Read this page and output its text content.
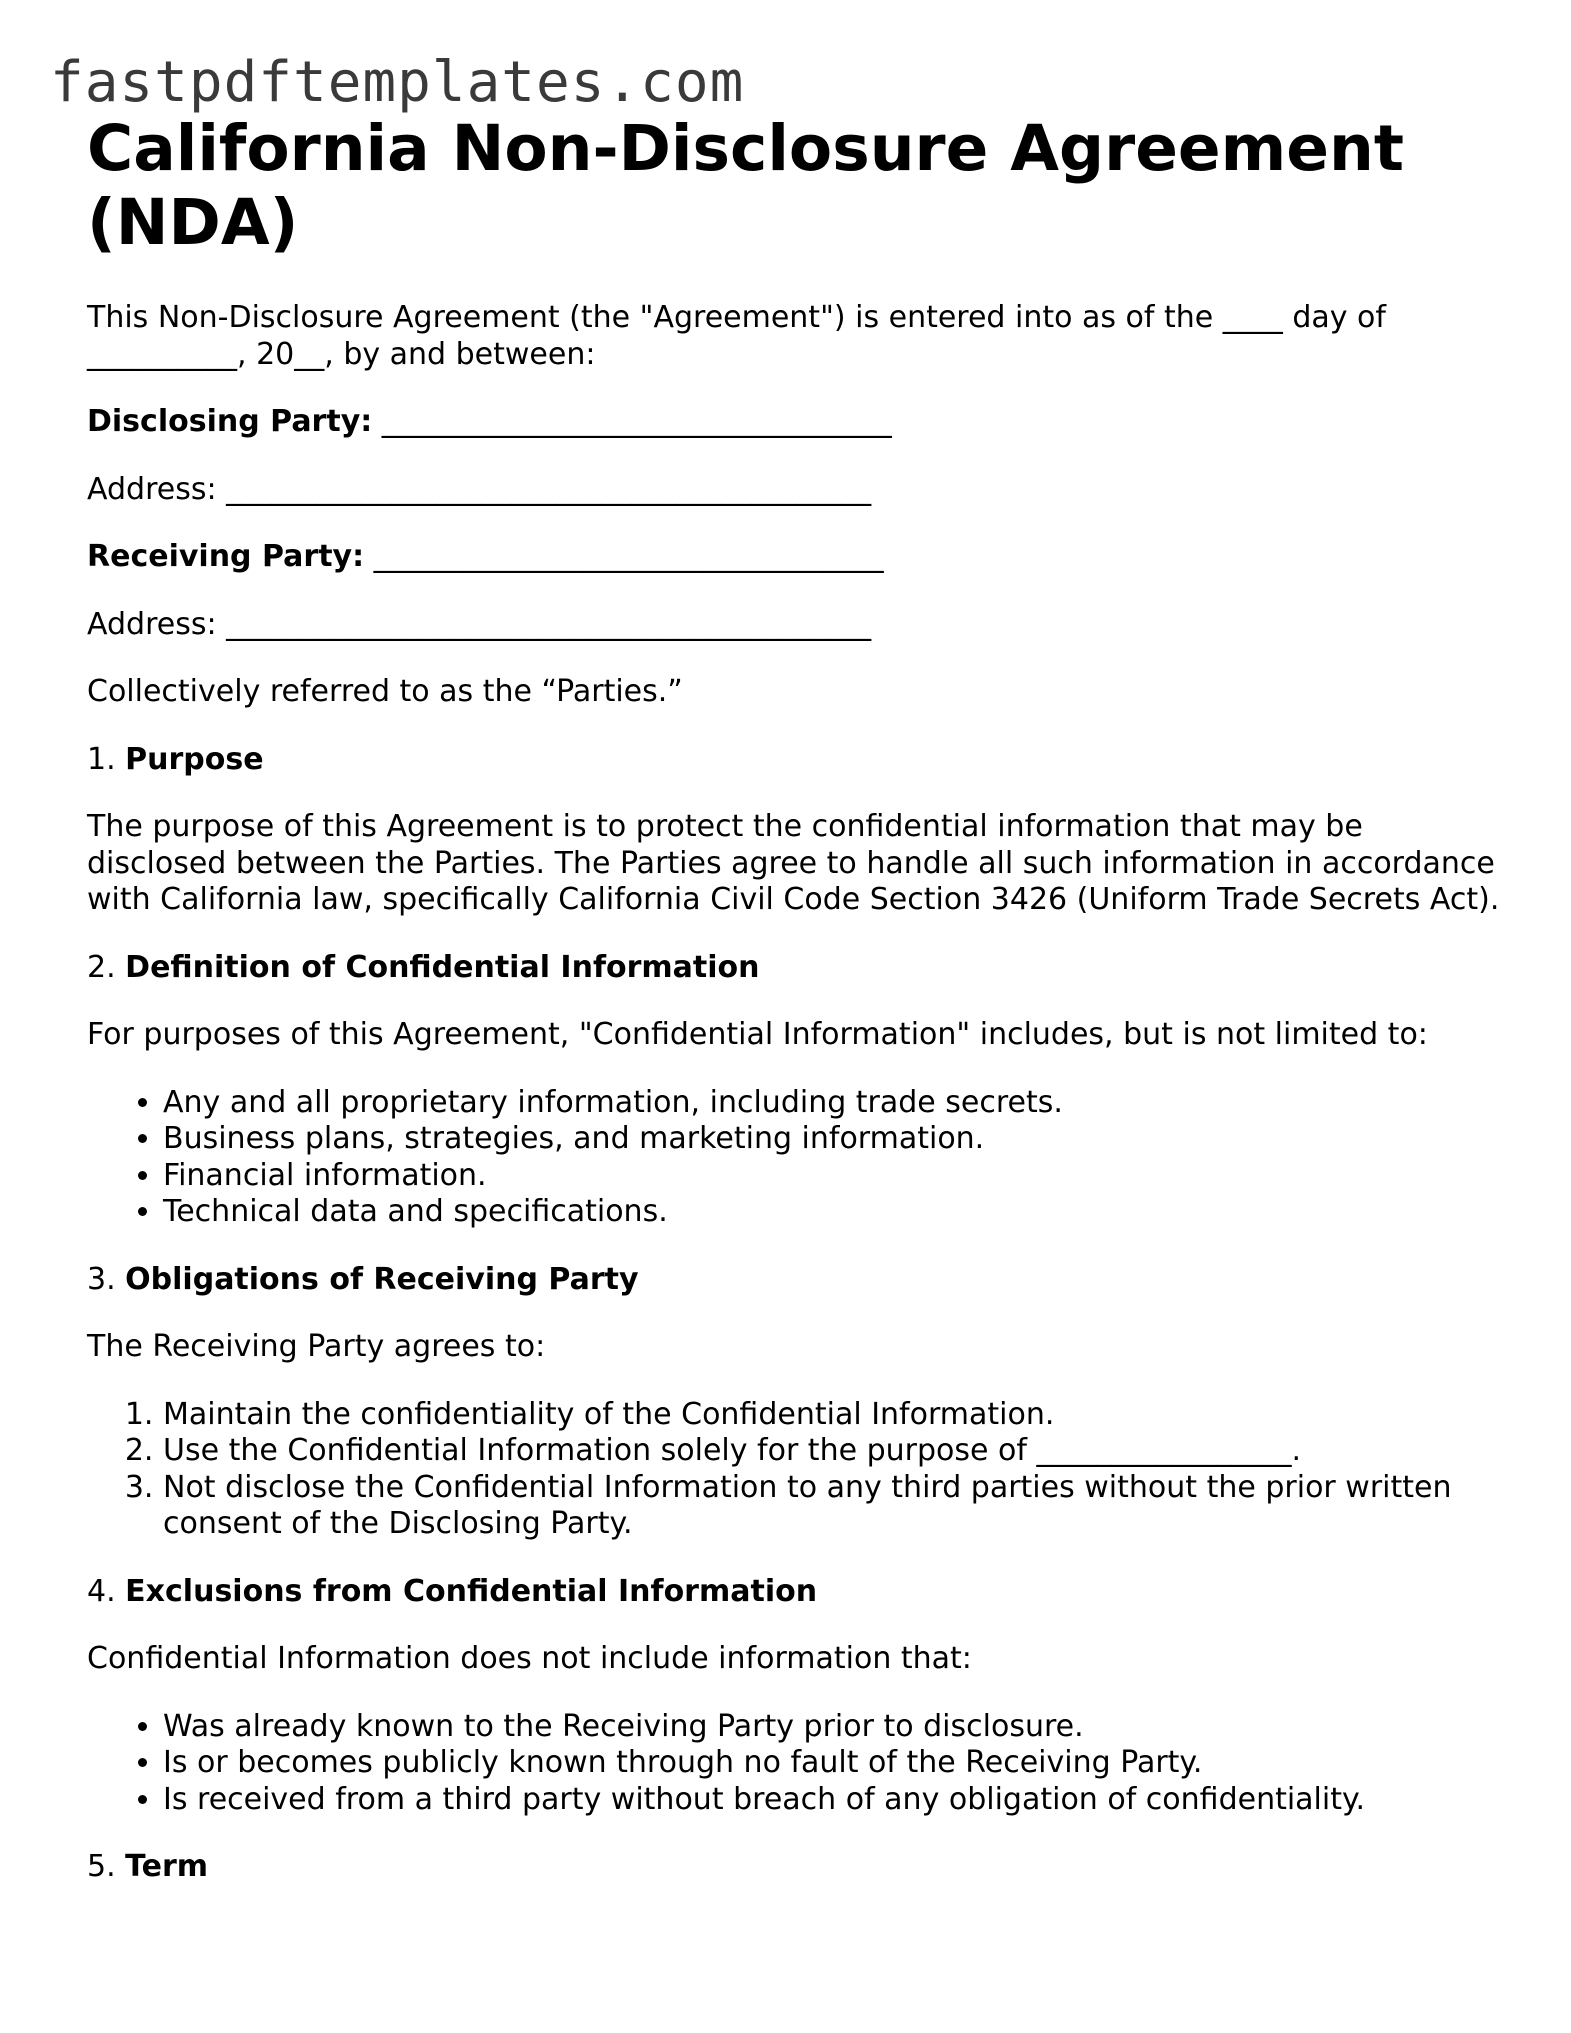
fastpdftemplates.com
California Non-Disclosure Agreement (NDA)

This Non-Disclosure Agreement (the "Agreement") is entered into as of the ____ day of __________, 20__, by and between:

Disclosing Party: __________________________________

Address: ___________________________________________

Receiving Party: __________________________________

Address: ___________________________________________

Collectively referred to as the “Parties.”

1. Purpose

The purpose of this Agreement is to protect the confidential information that may be disclosed between the Parties. The Parties agree to handle all such information in accordance with California law, specifically California Civil Code Section 3426 (Uniform Trade Secrets Act).

2. Definition of Confidential Information

For purposes of this Agreement, "Confidential Information" includes, but is not limited to:

• Any and all proprietary information, including trade secrets.
• Business plans, strategies, and marketing information.
• Financial information.
• Technical data and specifications.

3. Obligations of Receiving Party

The Receiving Party agrees to:

1. Maintain the confidentiality of the Confidential Information.
2. Use the Confidential Information solely for the purpose of _________________.
3. Not disclose the Confidential Information to any third parties without the prior written consent of the Disclosing Party.

4. Exclusions from Confidential Information

Confidential Information does not include information that:

• Was already known to the Receiving Party prior to disclosure.
• Is or becomes publicly known through no fault of the Receiving Party.
• Is received from a third party without breach of any obligation of confidentiality.

5. Term
